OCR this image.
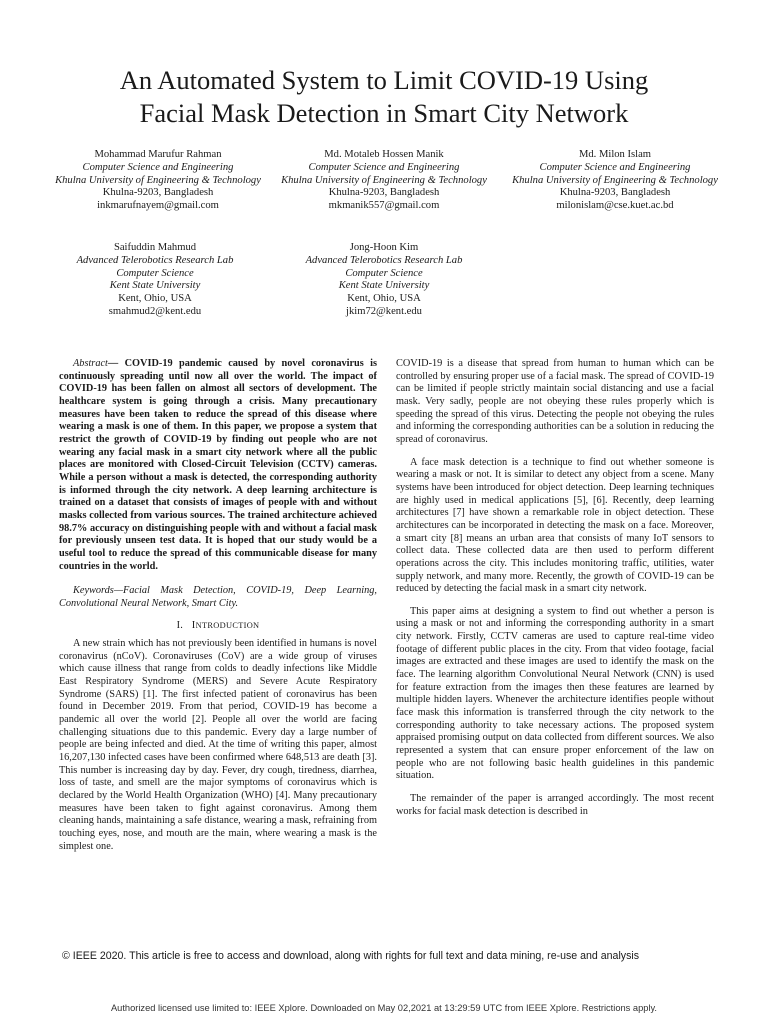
An Automated System to Limit COVID-19 Using
Facial Mask Detection in Smart City Network
Mohammad Marufur Rahman
Computer Science and Engineering
Khulna University of Engineering & Technology
Khulna-9203, Bangladesh
inkmarufnayem@gmail.com
Md. Motaleb Hossen Manik
Computer Science and Engineering
Khulna University of Engineering & Technology
Khulna-9203, Bangladesh
mkmanik557@gmail.com
Md. Milon Islam
Computer Science and Engineering
Khulna University of Engineering & Technology
Khulna-9203, Bangladesh
milonislam@cse.kuet.ac.bd
Saifuddin Mahmud
Advanced Telerobotics Research Lab
Computer Science
Kent State University
Kent, Ohio, USA
smahmud2@kent.edu
Jong-Hoon Kim
Advanced Telerobotics Research Lab
Computer Science
Kent State University
Kent, Ohio, USA
jkim72@kent.edu

Abstract— COVID-19 pandemic caused by novel coronavirus is continuously spreading until now all over the world. The impact of COVID-19 has been fallen on almost all sectors of development. The healthcare system is going through a crisis. Many precautionary measures have been taken to reduce the spread of this disease where wearing a mask is one of them. In this paper, we propose a system that restrict the growth of COVID-19 by finding out people who are not wearing any facial mask in a smart city network where all the public places are monitored with Closed-Circuit Television (CCTV) cameras. While a person without a mask is detected, the corresponding authority is informed through the city network. A deep learning architecture is trained on a dataset that consists of images of people with and without masks collected from various sources. The trained architecture achieved 98.7% accuracy on distinguishing people with and without a facial mask for previously unseen test data. It is hoped that our study would be a useful tool to reduce the spread of this communicable disease for many countries in the world.

Keywords—Facial Mask Detection, COVID-19, Deep Learning, Convolutional Neural Network, Smart City.

I. INTRODUCTION

A new strain which has not previously been identified in humans is novel coronavirus (nCoV). Coronaviruses (CoV) are a wide group of viruses which cause illness that range from colds to deadly infections like Middle East Respiratory Syndrome (MERS) and Severe Acute Respiratory Syndrome (SARS) [1]. The first infected patient of coronavirus has been found in December 2019. From that period, COVID-19 has become a pandemic all over the world [2]. People all over the world are facing challenging situations due to this pandemic. Every day a large number of people are being infected and died. At the time of writing this paper, almost 16,207,130 infected cases have been confirmed where 648,513 are death [3]. This number is increasing day by day. Fever, dry cough, tiredness, diarrhea, loss of taste, and smell are the major symptoms of coronavirus which is declared by the World Health Organization (WHO) [4]. Many precautionary measures have been taken to fight against coronavirus. Among them cleaning hands, maintaining a safe distance, wearing a mask, refraining from touching eyes, nose, and mouth are the main, where wearing a mask is the simplest one.

COVID-19 is a disease that spread from human to human which can be controlled by ensuring proper use of a facial mask. The spread of COVID-19 can be limited if people strictly maintain social distancing and use a facial mask. Very sadly, people are not obeying these rules properly which is speeding the spread of this virus. Detecting the people not obeying the rules and informing the corresponding authorities can be a solution in reducing the spread of coronavirus.

A face mask detection is a technique to find out whether someone is wearing a mask or not. It is similar to detect any object from a scene. Many systems have been introduced for object detection. Deep learning techniques are highly used in medical applications [5], [6]. Recently, deep learning architectures [7] have shown a remarkable role in object detection. These architectures can be incorporated in detecting the mask on a face. Moreover, a smart city [8] means an urban area that consists of many IoT sensors to collect data. These collected data are then used to perform different operations across the city. This includes monitoring traffic, utilities, water supply network, and many more. Recently, the growth of COVID-19 can be reduced by detecting the facial mask in a smart city network.

This paper aims at designing a system to find out whether a person is using a mask or not and informing the corresponding authority in a smart city network. Firstly, CCTV cameras are used to capture real-time video footage of different public places in the city. From that video footage, facial images are extracted and these images are used to identify the mask on the face. The learning algorithm Convolutional Neural Network (CNN) is used for feature extraction from the images then these features are learned by multiple hidden layers. Whenever the architecture identifies people without face mask this information is transferred through the city network to the corresponding authority to take necessary actions. The proposed system appraised promising output on data collected from different sources. We also represented a system that can ensure proper enforcement of the law on people who are not following basic health guidelines in this pandemic situation.

The remainder of the paper is arranged accordingly. The most recent works for facial mask detection is described in

© IEEE 2020. This article is free to access and download, along with rights for full text and data mining, re-use and analysis
Authorized licensed use limited to: IEEE Xplore. Downloaded on May 02,2021 at 13:29:59 UTC from IEEE Xplore. Restrictions apply.
